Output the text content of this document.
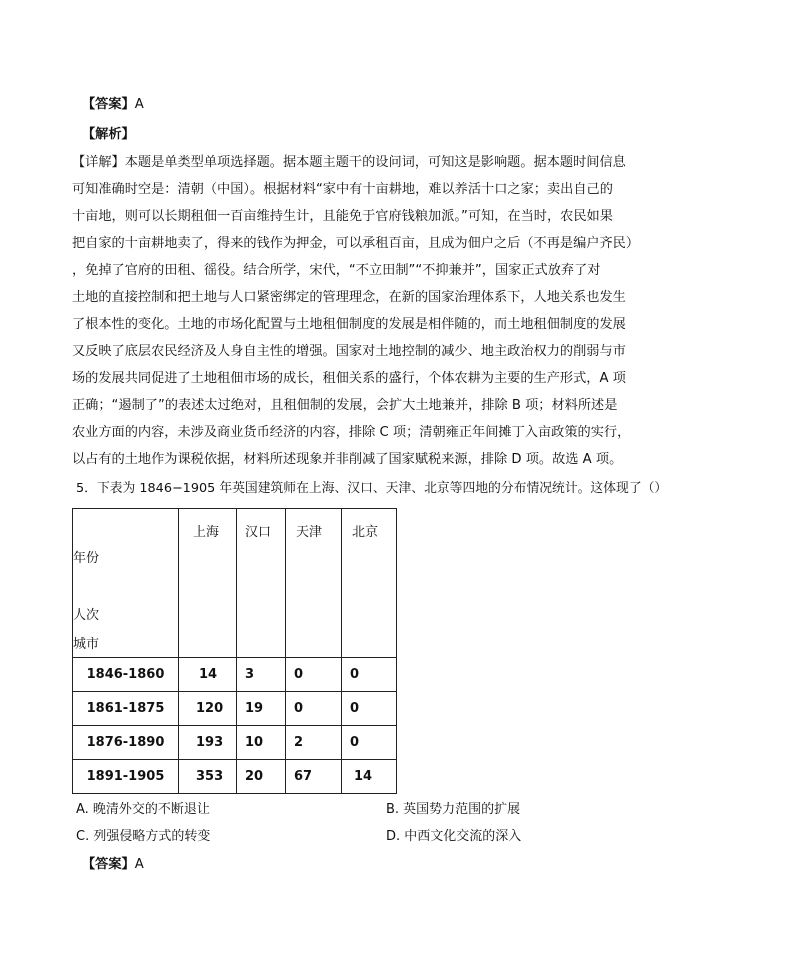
【答案】A
【解析】
【详解】本题是单类型单项选择题。据本题主题干的设问词，可知这是影响题。据本题时间信息
可知准确时空是：清朝（中国）。根据材料“家中有十亩耕地，难以养活十口之家；卖出自己的
十亩地，则可以长期租佃一百亩维持生计，且能免于官府钱粮加派。”可知，在当时，农民如果
把自家的十亩耕地卖了，得来的钱作为押金，可以承租百亩，且成为佃户之后（不再是编户齐民）
，免掉了官府的田租、徭役。结合所学，宋代，“不立田制”“不抑兼并”，国家正式放弃了对
土地的直接控制和把土地与人口紧密绑定的管理理念，在新的国家治理体系下，人地关系也发生
了根本性的变化。土地的市场化配置与土地租佃制度的发展是相伴随的，而土地租佃制度的发展
又反映了底层农民经济及人身自主性的增强。国家对土地控制的减少、地主政治权力的削弱与市
场的发展共同促进了土地租佃市场的成长，租佃关系的盛行，个体农耕为主要的生产形式，A 项
正确；“遏制了”的表述太过绝对，且租佃制的发展，会扩大土地兼并，排除 B 项；材料所述是
农业方面的内容，未涉及商业货币经济的内容，排除 C 项；清朝雍正年间摊丁入亩政策的实行，
以占有的土地作为课税依据，材料所述现象并非削减了国家赋税来源，排除 D 项。故选 A 项。
5．下表为 1846−1905 年英国建筑师在上海、汉口、天津、北京等四地的分布情况统计。这体现了（）
年份
人次
城市	上海	汉口	天津	北京
1846-1860	14	3	0	0
1861-1875	120	19	0	0
1876-1890	193	10	2	0
1891-1905	353	20	67	14
A. 晚清外交的不断退让	B. 英国势力范围的扩展
C. 列强侵略方式的转变	D. 中西文化交流的深入
【答案】A
